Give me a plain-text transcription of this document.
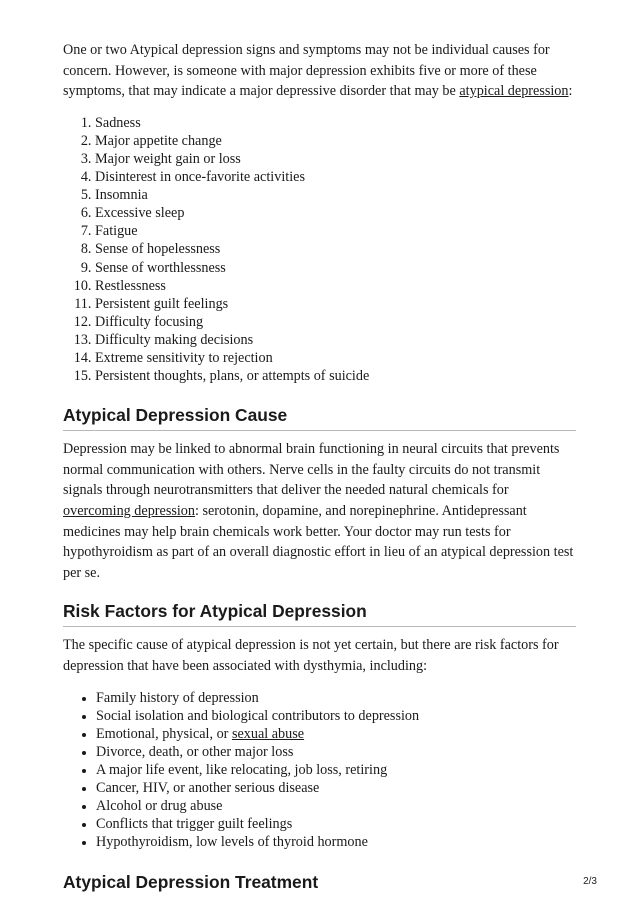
One or two Atypical depression signs and symptoms may not be individual causes for concern. However, is someone with major depression exhibits five or more of these symptoms, that may indicate a major depressive disorder that may be atypical depression:

1. Sadness
2. Major appetite change
3. Major weight gain or loss
4. Disinterest in once-favorite activities
5. Insomnia
6. Excessive sleep
7. Fatigue
8. Sense of hopelessness
9. Sense of worthlessness
10. Restlessness
11. Persistent guilt feelings
12. Difficulty focusing
13. Difficulty making decisions
14. Extreme sensitivity to rejection
15. Persistent thoughts, plans, or attempts of suicide
Atypical Depression Cause

Depression may be linked to abnormal brain functioning in neural circuits that prevents normal communication with others. Nerve cells in the faulty circuits do not transmit signals through neurotransmitters that deliver the needed natural chemicals for overcoming depression: serotonin, dopamine, and norepinephrine. Antidepressant medicines may help brain chemicals work better. Your doctor may run tests for hypothyroidism as part of an overall diagnostic effort in lieu of an atypical depression test per se.

Risk Factors for Atypical Depression

The specific cause of atypical depression is not yet certain, but there are risk factors for depression that have been associated with dysthymia, including:

• Family history of depression
• Social isolation and biological contributors to depression
• Emotional, physical, or sexual abuse
• Divorce, death, or other major loss
• A major life event, like relocating, job loss, retiring
• Cancer, HIV, or another serious disease
• Alcohol or drug abuse
• Conflicts that trigger guilt feelings
• Hypothyroidism, low levels of thyroid hormone
Atypical Depression Treatment	2/3
